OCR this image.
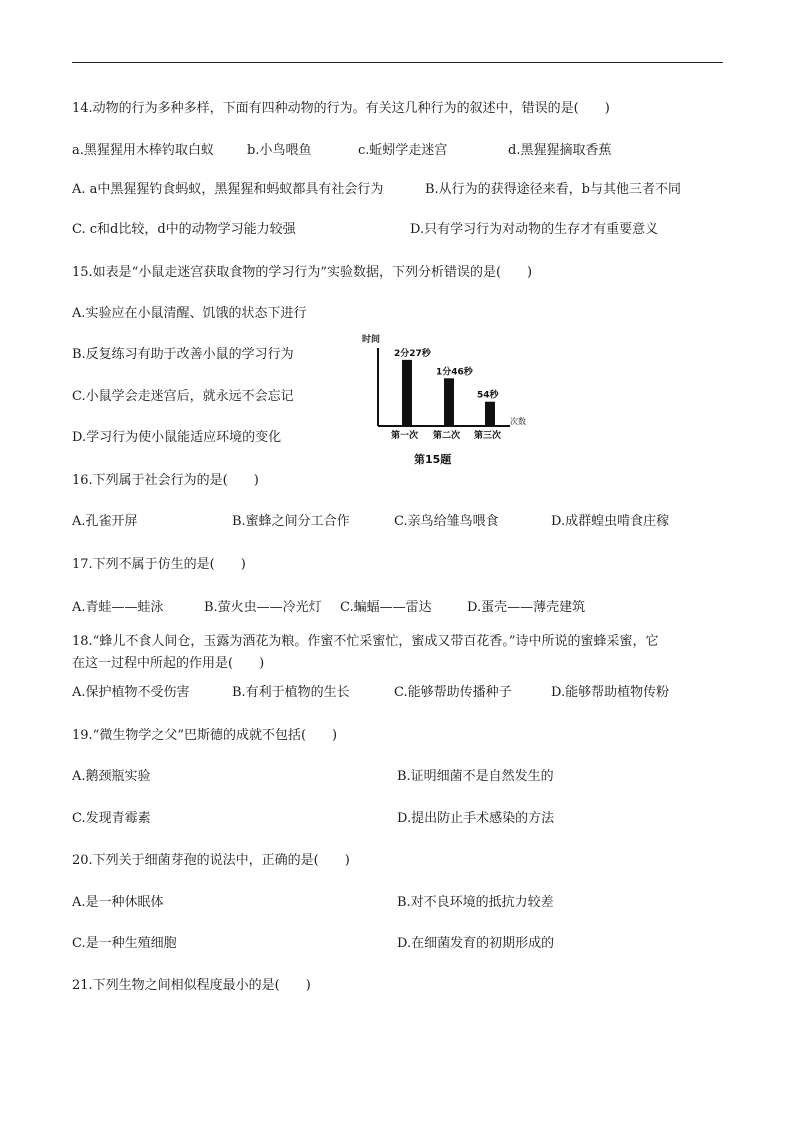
14.动物的行为多种多样，下面有四种动物的行为。有关这几种行为的叙述中，错误的是(　　)
a.黑猩猩用木棒钓取白蚁	b.小鸟喂鱼	c.蚯蚓学走迷宫	d.黑猩猩摘取香蕉
A. a中黑猩猩钓食蚂蚁，黑猩猩和蚂蚁都具有社会行为	B.从行为的获得途径来看，b与其他三者不同
C. c和d比较，d中的动物学习能力较强	D.只有学习行为对动物的生存才有重要意义
15.如表是“小鼠走迷宫获取食物的学习行为”实验数据，下列分析错误的是(　　)
A.实验应在小鼠清醒、饥饿的状态下进行
B.反复练习有助于改善小鼠的学习行为
C.小鼠学会走迷宫后，就永远不会忘记
D.学习行为使小鼠能适应环境的变化
时间
次数
2分27秒
第一次
1分46秒
第二次
54秒
第三次
第15题
16.下列属于社会行为的是(　　)
A.孔雀开屏	B.蜜蜂之间分工合作	C.亲鸟给雏鸟喂食	D.成群蝗虫啃食庄稼
17.下列不属于仿生的是(　　)
A.青蛙——蛙泳	B.萤火虫——冷光灯 C.蝙蝠——雷达	D.蛋壳——薄壳建筑
18.“蜂儿不食人间仓，玉露为酒花为粮。作蜜不忙采蜜忙，蜜成又带百花香。”诗中所说的蜜蜂采蜜，它
在这一过程中所起的作用是(　　)
A.保护植物不受伤害	B.有利于植物的生长	C.能够帮助传播种子	D.能够帮助植物传粉
19.“微生物学之父”巴斯德的成就不包括(　　)
A.鹅颈瓶实验	B.证明细菌不是自然发生的
C.发现青霉素	D.提出防止手术感染的方法
20.下列关于细菌芽孢的说法中，正确的是(　　)
A.是一种休眠体	B.对不良环境的抵抗力较差
C.是一种生殖细胞	D.在细菌发育的初期形成的
21.下列生物之间相似程度最小的是(　　)
